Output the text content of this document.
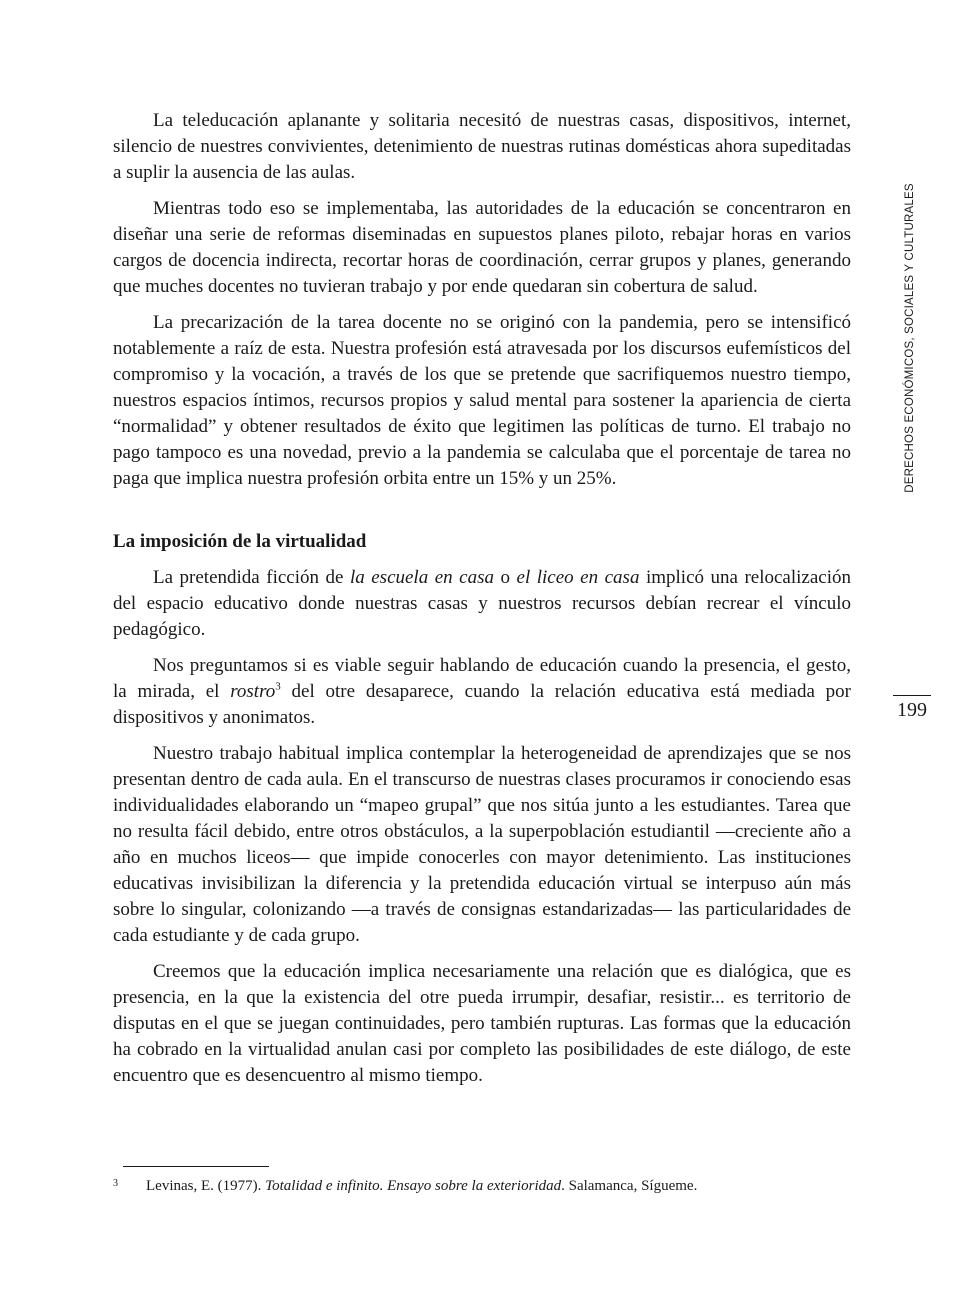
DERECHOS ECONÓMICOS, SOCIALES Y CULTURALES
199

La teleducación aplanante y solitaria necesitó de nuestras casas, dispositivos, internet, silencio de nuestres convivientes, detenimiento de nuestras rutinas domésticas ahora supeditadas a suplir la ausencia de las aulas.

Mientras todo eso se implementaba, las autoridades de la educación se concentraron en diseñar una serie de reformas diseminadas en supuestos planes piloto, rebajar horas en varios cargos de docencia indirecta, recortar horas de coordinación, cerrar grupos y planes, generando que muches docentes no tuvieran trabajo y por ende quedaran sin cobertura de salud.

La precarización de la tarea docente no se originó con la pandemia, pero se intensificó notablemente a raíz de esta. Nuestra profesión está atravesada por los discursos eufemísticos del compromiso y la vocación, a través de los que se pretende que sacrifiquemos nuestro tiempo, nuestros espacios íntimos, recursos propios y salud mental para sostener la apariencia de cierta “normalidad” y obtener resultados de éxito que legitimen las políticas de turno. El trabajo no pago tampoco es una novedad, previo a la pandemia se calculaba que el porcentaje de tarea no paga que implica nuestra profesión orbita entre un 15% y un 25%.

La imposición de la virtualidad

La pretendida ficción de la escuela en casa o el liceo en casa implicó una relocalización del espacio educativo donde nuestras casas y nuestros recursos debían recrear el vínculo pedagógico.

Nos preguntamos si es viable seguir hablando de educación cuando la presencia, el gesto, la mirada, el rostro$^3$ del otre desaparece, cuando la relación educativa está mediada por dispositivos y anonimatos.

Nuestro trabajo habitual implica contemplar la heterogeneidad de aprendizajes que se nos presentan dentro de cada aula. En el transcurso de nuestras clases procuramos ir conociendo esas individualidades elaborando un “mapeo grupal” que nos sitúa junto a les estudiantes. Tarea que no resulta fácil debido, entre otros obstáculos, a la superpoblación estudiantil —creciente año a año en muchos liceos— que impide conocerles con mayor detenimiento. Las instituciones educativas invisibilizan la diferencia y la pretendida educación virtual se interpuso aún más sobre lo singular, colonizando —a través de consignas estandarizadas— las particularidades de cada estudiante y de cada grupo.

Creemos que la educación implica necesariamente una relación que es dialógica, que es presencia, en la que la existencia del otre pueda irrumpir, desafiar, resistir... es territorio de disputas en el que se juegan continuidades, pero también rupturas. Las formas que la educación ha cobrado en la virtualidad anulan casi por completo las posibilidades de este diálogo, de este encuentro que es desencuentro al mismo tiempo.

3 Levinas, E. (1977). Totalidad e infinito. Ensayo sobre la exterioridad. Salamanca, Sígueme.
